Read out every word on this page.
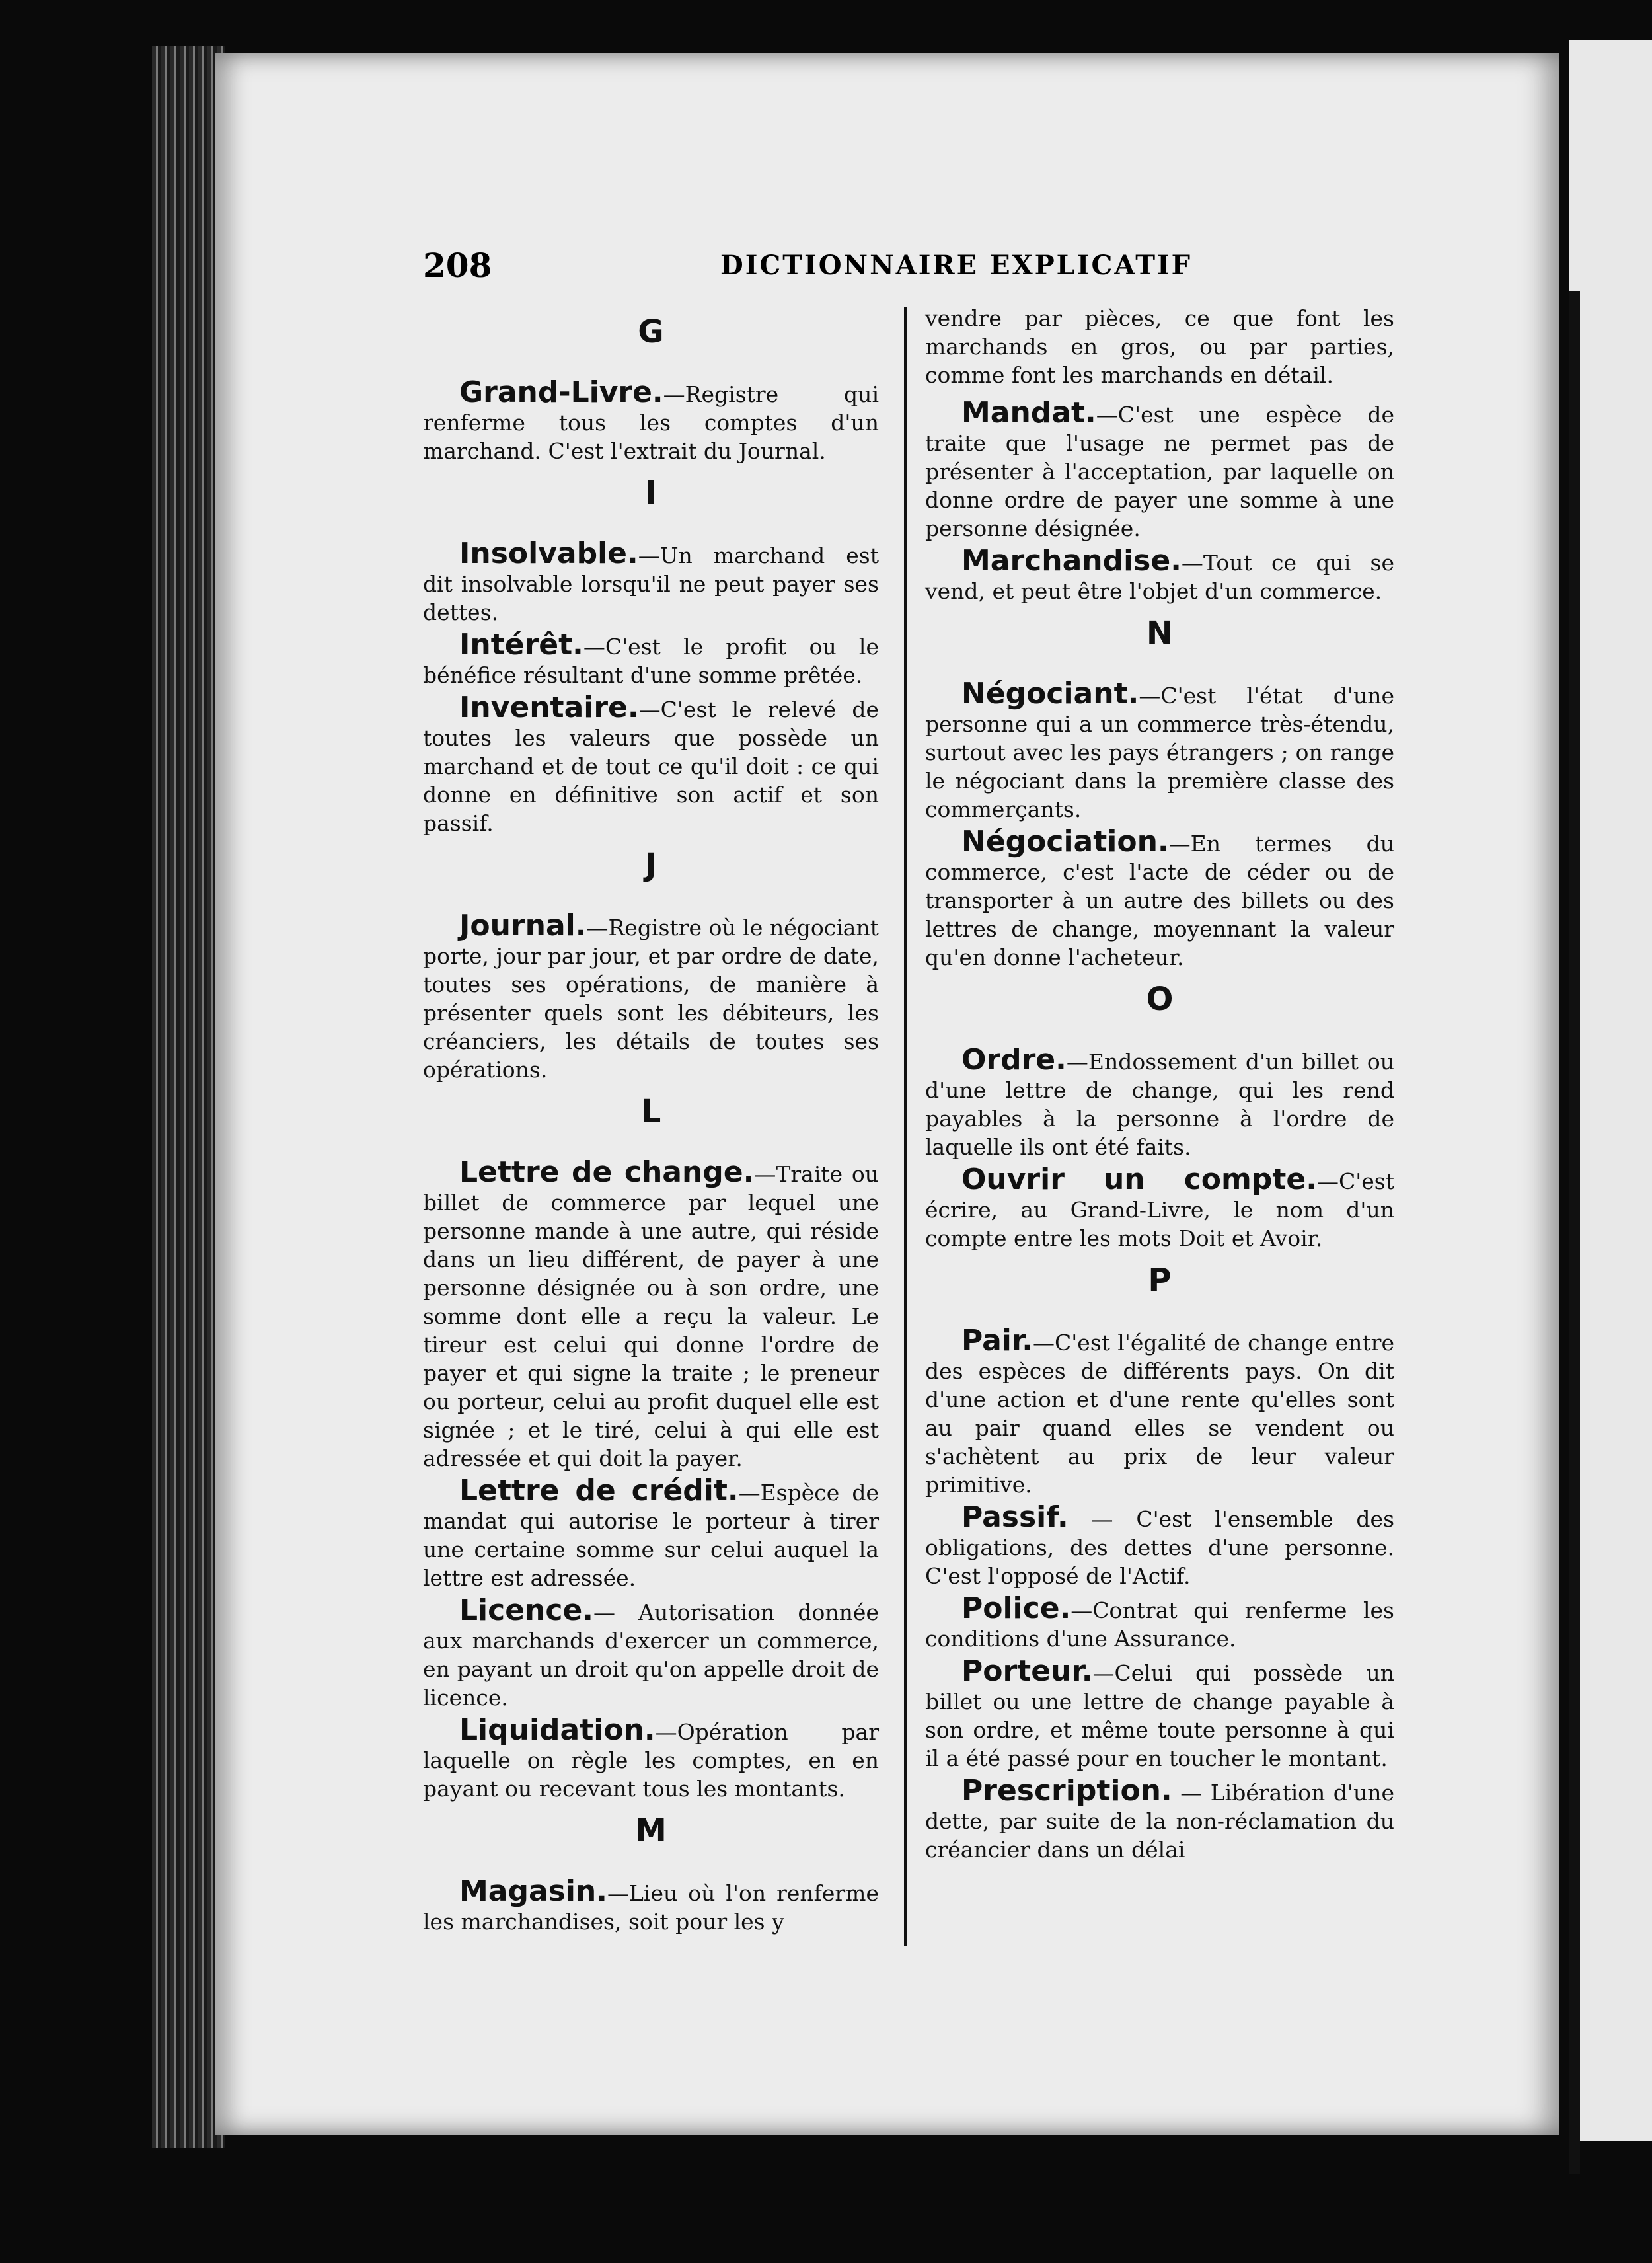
208	DICTIONNAIRE EXPLICATIF
G

Grand-Livre.—Registre qui renferme tous les comptes d'un marchand. C'est l'extrait du Journal.

I

Insolvable.—Un marchand est dit insolvable lorsqu'il ne peut payer ses dettes.

Intérêt.—C'est le profit ou le bénéfice résultant d'une somme prêtée.

Inventaire.—C'est le relevé de toutes les valeurs que possède un marchand et de tout ce qu'il doit : ce qui donne en définitive son actif et son passif.

J

Journal.—Registre où le négociant porte, jour par jour, et par ordre de date, toutes ses opérations, de manière à présenter quels sont les débiteurs, les créanciers, les détails de toutes ses opérations.

L

Lettre de change.—Traite ou billet de commerce par lequel une personne mande à une autre, qui réside dans un lieu différent, de payer à une personne désignée ou à son ordre, une somme dont elle a reçu la valeur. Le tireur est celui qui donne l'ordre de payer et qui signe la traite ; le preneur ou porteur, celui au profit duquel elle est signée ; et le tiré, celui à qui elle est adressée et qui doit la payer.

Lettre de crédit.—Espèce de mandat qui autorise le porteur à tirer une certaine somme sur celui auquel la lettre est adressée.

Licence.— Autorisation donnée aux marchands d'exercer un commerce, en payant un droit qu'on appelle droit de licence.

Liquidation.—Opération par laquelle on règle les comptes, en en payant ou recevant tous les montants.

M

Magasin.—Lieu où l'on renferme les marchandises, soit pour les y

vendre par pièces, ce que font les marchands en gros, ou par parties, comme font les marchands en détail.

Mandat.—C'est une espèce de traite que l'usage ne permet pas de présenter à l'acceptation, par laquelle on donne ordre de payer une somme à une personne désignée.

Marchandise.—Tout ce qui se vend, et peut être l'objet d'un commerce.

N

Négociant.—C'est l'état d'une personne qui a un commerce très-étendu, surtout avec les pays étrangers ; on range le négociant dans la première classe des commerçants.

Négociation.—En termes du commerce, c'est l'acte de céder ou de transporter à un autre des billets ou des lettres de change, moyennant la valeur qu'en donne l'acheteur.

O

Ordre.—Endossement d'un billet ou d'une lettre de change, qui les rend payables à la personne à l'ordre de laquelle ils ont été faits.

Ouvrir un compte.—C'est écrire, au Grand-Livre, le nom d'un compte entre les mots Doit et Avoir.

P

Pair.—C'est l'égalité de change entre des espèces de différents pays. On dit d'une action et d'une rente qu'elles sont au pair quand elles se vendent ou s'achètent au prix de leur valeur primitive.

Passif. — C'est l'ensemble des obligations, des dettes d'une personne. C'est l'opposé de l'Actif.

Police.—Contrat qui renferme les conditions d'une Assurance.

Porteur.—Celui qui possède un billet ou une lettre de change payable à son ordre, et même toute personne à qui il a été passé pour en toucher le montant.

Prescription. — Libération d'une dette, par suite de la non-réclamation du créancier dans un délai
